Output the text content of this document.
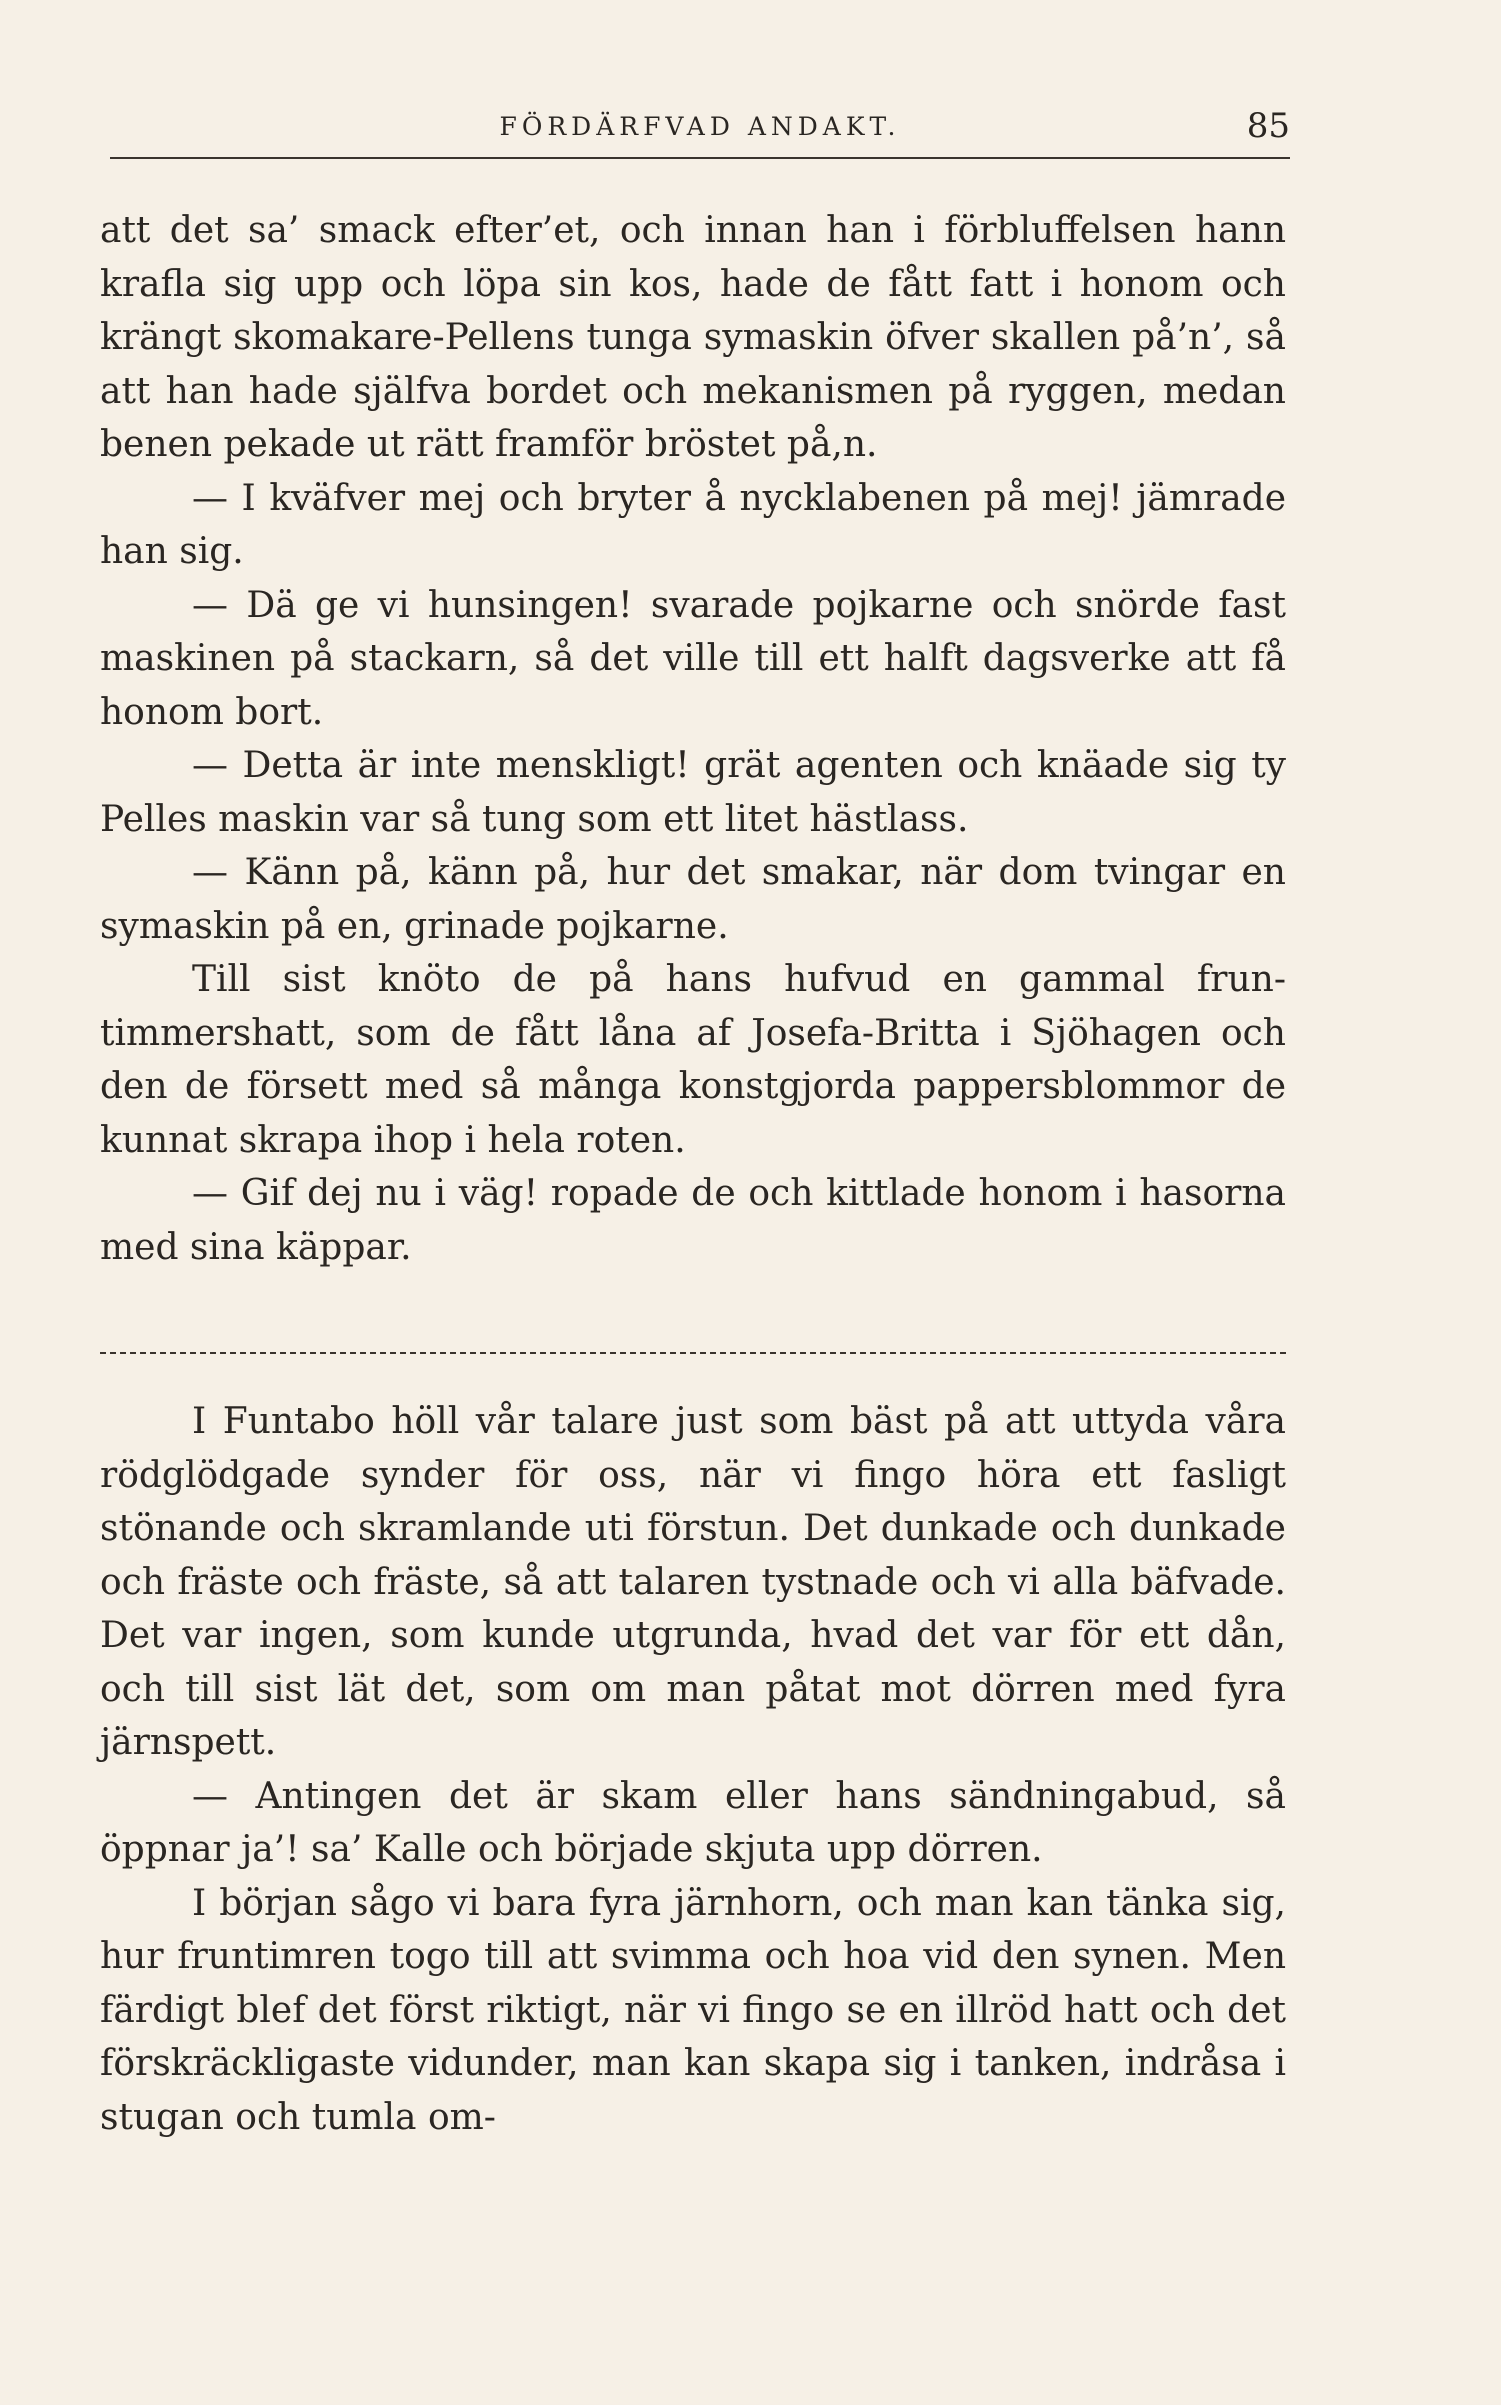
FÖRDÄRFVAD ANDAKT.	85

att det sa’ smack efter’et, och innan han i förbluffelsen hann krafla sig upp och löpa sin kos, hade de fått fatt i honom och krängt skomakare-Pellens tunga symaskin öfver skallen på’n’, så att han hade själfva bordet och mekanismen på ryggen, medan benen pekade ut rätt framför bröstet på,n.

— I kväfver mej och bryter å nycklabenen på mej! jämrade han sig.

— Dä ge vi hunsingen! svarade pojkarne och snörde fast maskinen på stackarn, så det ville till ett halft dagsverke att få honom bort.

— Detta är inte menskligt! grät agenten och knäade sig ty Pelles maskin var så tung som ett litet hästlass.

— Känn på, känn på, hur det smakar, när dom tvingar en symaskin på en, grinade pojkarne.

Till sist knöto de på hans hufvud en gammal fruntimmershatt, som de fått låna af Josefa-Britta i Sjöhagen och den de försett med så många konstgjorda pappersblommor de kunnat skrapa ihop i hela roten.

— Gif dej nu i väg! ropade de och kittlade honom i hasorna med sina käppar.

I Funtabo höll vår talare just som bäst på att uttyda våra rödglödgade synder för oss, när vi fingo höra ett fasligt stönande och skramlande uti förstun. Det dunkade och dunkade och fräste och fräste, så att talaren tystnade och vi alla bäfvade. Det var ingen, som kunde utgrunda, hvad det var för ett dån, och till sist lät det, som om man påtat mot dörren med fyra järnspett.

— Antingen det är skam eller hans sändningabud, så öppnar ja’! sa’ Kalle och började skjuta upp dörren.

I början sågo vi bara fyra järnhorn, och man kan tänka sig, hur fruntimren togo till att svimma och hoa vid den synen. Men färdigt blef det först riktigt, när vi fingo se en illröd hatt och det förskräckligaste vidunder, man kan skapa sig i tanken, indråsa i stugan och tumla om-
